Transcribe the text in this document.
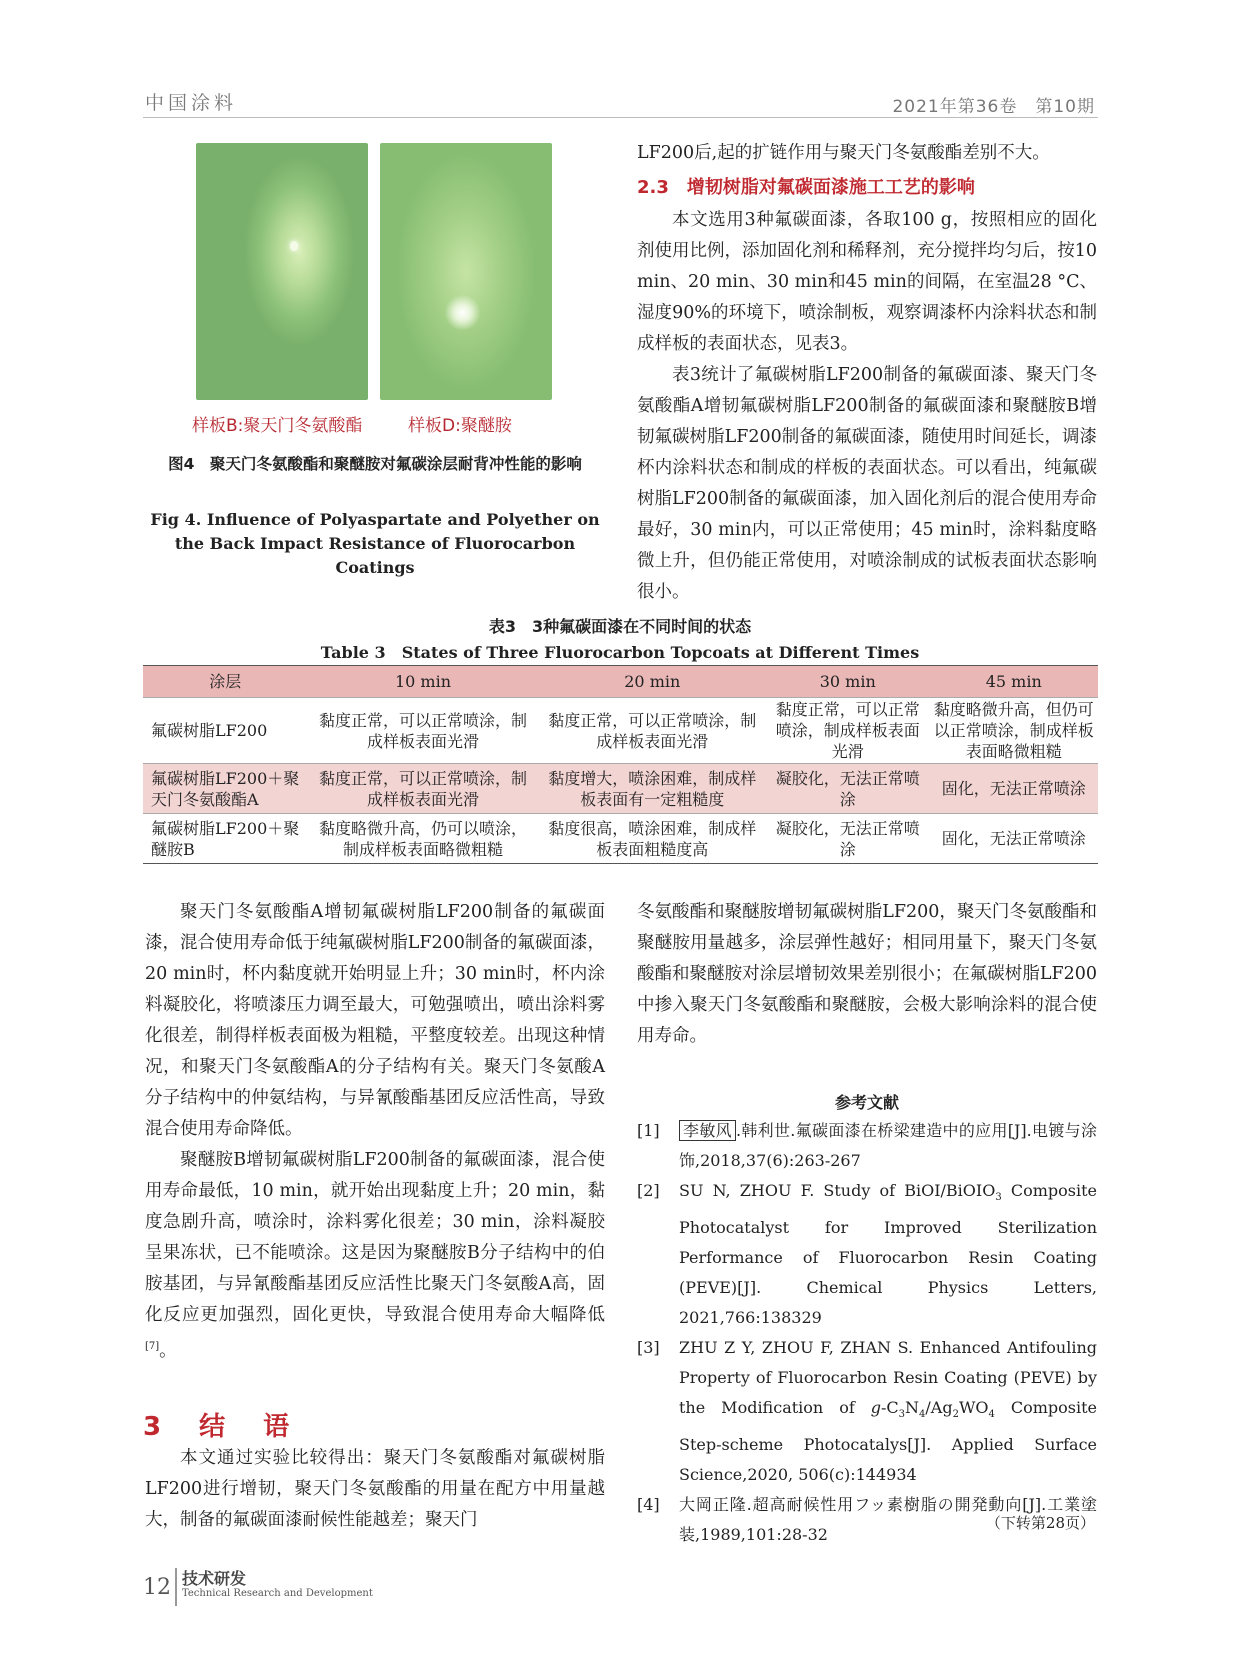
中国涂料	2021年第36卷　第10期
样板B:聚天门冬氨酸酯	样板D:聚醚胺
图4　聚天门冬氨酸酯和聚醚胺对氟碳涂层耐背冲性能的影响
Fig 4. Influence of Polyaspartate and Polyether on the Back Impact Resistance of Fluorocarbon Coatings

LF200后,起的扩链作用与聚天门冬氨酸酯差别不大。

2.3　增韧树脂对氟碳面漆施工工艺的影响

本文选用3种氟碳面漆，各取100 g，按照相应的固化剂使用比例，添加固化剂和稀释剂，充分搅拌均匀后，按10 min、20 min、30 min和45 min的间隔，在室温28 °C、湿度90%的环境下，喷涂制板，观察调漆杯内涂料状态和制成样板的表面状态，见表3。

表3统计了氟碳树脂LF200制备的氟碳面漆、聚天门冬氨酸酯A增韧氟碳树脂LF200制备的氟碳面漆和聚醚胺B增韧氟碳树脂LF200制备的氟碳面漆，随使用时间延长，调漆杯内涂料状态和制成的样板的表面状态。可以看出，纯氟碳树脂LF200制备的氟碳面漆，加入固化剂后的混合使用寿命最好，30 min内，可以正常使用；45 min时，涂料黏度略微上升，但仍能正常使用，对喷涂制成的试板表面状态影响很小。

表3　3种氟碳面漆在不同时间的状态
Table 3　States of Three Fluorocarbon Topcoats at Different Times
涂层	10 min	20 min	30 min	45 min
氟碳树脂LF200	黏度正常，可以正常喷涂，制成样板表面光滑	黏度正常，可以正常喷涂，制成样板表面光滑	黏度正常，可以正常喷涂，制成样板表面光滑	黏度略微升高，但仍可以正常喷涂，制成样板表面略微粗糙
氟碳树脂LF200＋聚天门冬氨酸酯A	黏度正常，可以正常喷涂，制成样板表面光滑	黏度增大，喷涂困难，制成样板表面有一定粗糙度	凝胶化，无法正常喷涂	固化，无法正常喷涂
氟碳树脂LF200＋聚醚胺B	黏度略微升高，仍可以喷涂，制成样板表面略微粗糙	黏度很高，喷涂困难，制成样板表面粗糙度高	凝胶化，无法正常喷涂	固化，无法正常喷涂

聚天门冬氨酸酯A增韧氟碳树脂LF200制备的氟碳面漆，混合使用寿命低于纯氟碳树脂LF200制备的氟碳面漆，20 min时，杯内黏度就开始明显上升；30 min时，杯内涂料凝胶化，将喷漆压力调至最大，可勉强喷出，喷出涂料雾化很差，制得样板表面极为粗糙，平整度较差。出现这种情况，和聚天门冬氨酸酯A的分子结构有关。聚天门冬氨酸A分子结构中的仲氨结构，与异氰酸酯基团反应活性高，导致混合使用寿命降低。

聚醚胺B增韧氟碳树脂LF200制备的氟碳面漆，混合使用寿命最低，10 min，就开始出现黏度上升；20 min，黏度急剧升高，喷涂时，涂料雾化很差；30 min，涂料凝胶呈果冻状，已不能喷涂。这是因为聚醚胺B分子结构中的伯胺基团，与异氰酸酯基团反应活性比聚天门冬氨酸A高，固化反应更加强烈，固化更快，导致混合使用寿命大幅降低[7]。

3　结　语

本文通过实验比较得出：聚天门冬氨酸酯对氟碳树脂LF200进行增韧，聚天门冬氨酸酯的用量在配方中用量越大，制备的氟碳面漆耐候性能越差；聚天门

冬氨酸酯和聚醚胺增韧氟碳树脂LF200，聚天门冬氨酸酯和聚醚胺用量越多，涂层弹性越好；相同用量下，聚天门冬氨酸酯和聚醚胺对涂层增韧效果差别很小；在氟碳树脂LF200中掺入聚天门冬氨酸酯和聚醚胺，会极大影响涂料的混合使用寿命。

参考文献

[1] 李敏风 .韩利世.氟碳面漆在桥梁建造中的应用[J].电镀与涂饰,2018,37(6):263-267

[2] SU N, ZHOU F. Study of BiOI/BiOIO$_3$ Composite Photocatalyst for Improved Sterilization Performance of Fluorocarbon Resin Coating (PEVE)[J]. Chemical Physics Letters, 2021,766:138329

[3] ZHU Z Y, ZHOU F, ZHAN S. Enhanced Antifouling Property of Fluorocarbon Resin Coating (PEVE) by the Modification of $g-C_3N_4/Ag_2WO_4$ Composite Step-scheme Photocatalys[J]. Applied Surface Science,2020, 506(c):144934

[4] 大岡正隆.超高耐候性用フッ素樹脂の開発動向[J].工業塗装,1989,101:28-32

（下转第28页）
12 技术研发
Technical Research and Development
